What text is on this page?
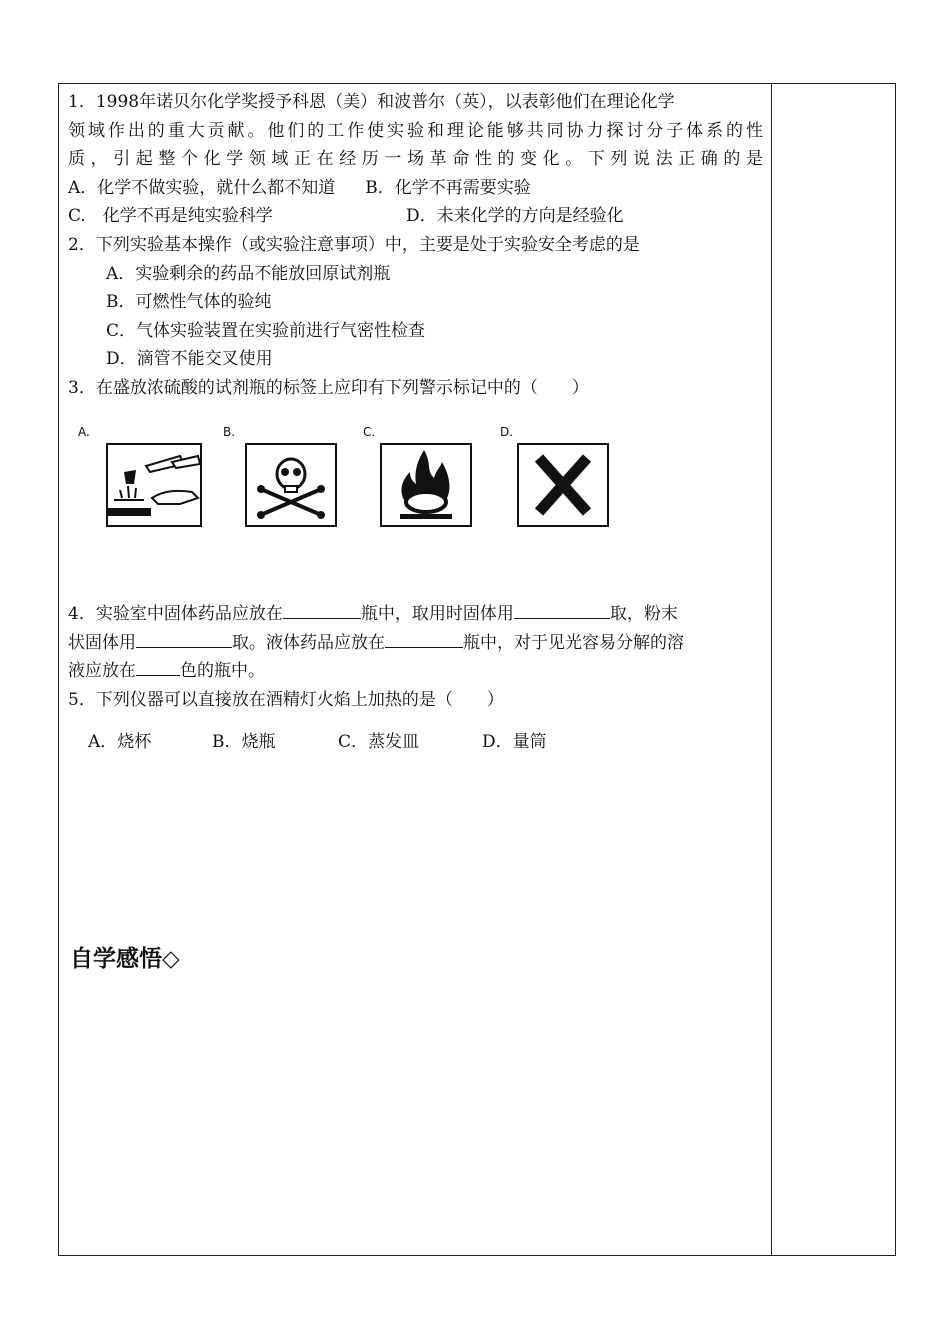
1．1998年诺贝尔化学奖授予科恩（美）和波普尔（英），以表彰他们在理论化学
领域作出的重大贡献。他们的工作使实验和理论能够共同协力探讨分子体系的性
质，引起整个化学领域正在经历一场革命性的变化。下列说法正确的是
A．化学不做实验，就什么都不知道 B．化学不再需要实验
C.　化学不再是纯实验科学	D．未来化学的方向是经验化
2．下列实验基本操作（或实验注意事项）中，主要是处于实验安全考虑的是
A．实验剩余的药品不能放回原试剂瓶
B．可燃性气体的验纯
C．气体实验装置在实验前进行气密性检查
D．滴管不能交叉使用
3．在盛放浓硫酸的试剂瓶的标签上应印有下列警示标记中的（　　）
A.	B.	C.	D.
4．实验室中固体药品应放在	瓶中，取用时固体用	取，粉末
状固体用	取。液体药品应放在	瓶中，对于见光容易分解的溶
液应放在	色的瓶中。
5．下列仪器可以直接放在酒精灯火焰上加热的是（　　）
A．烧杯	B．烧瓶	C．蒸发皿	D．量筒
自学感悟◇
